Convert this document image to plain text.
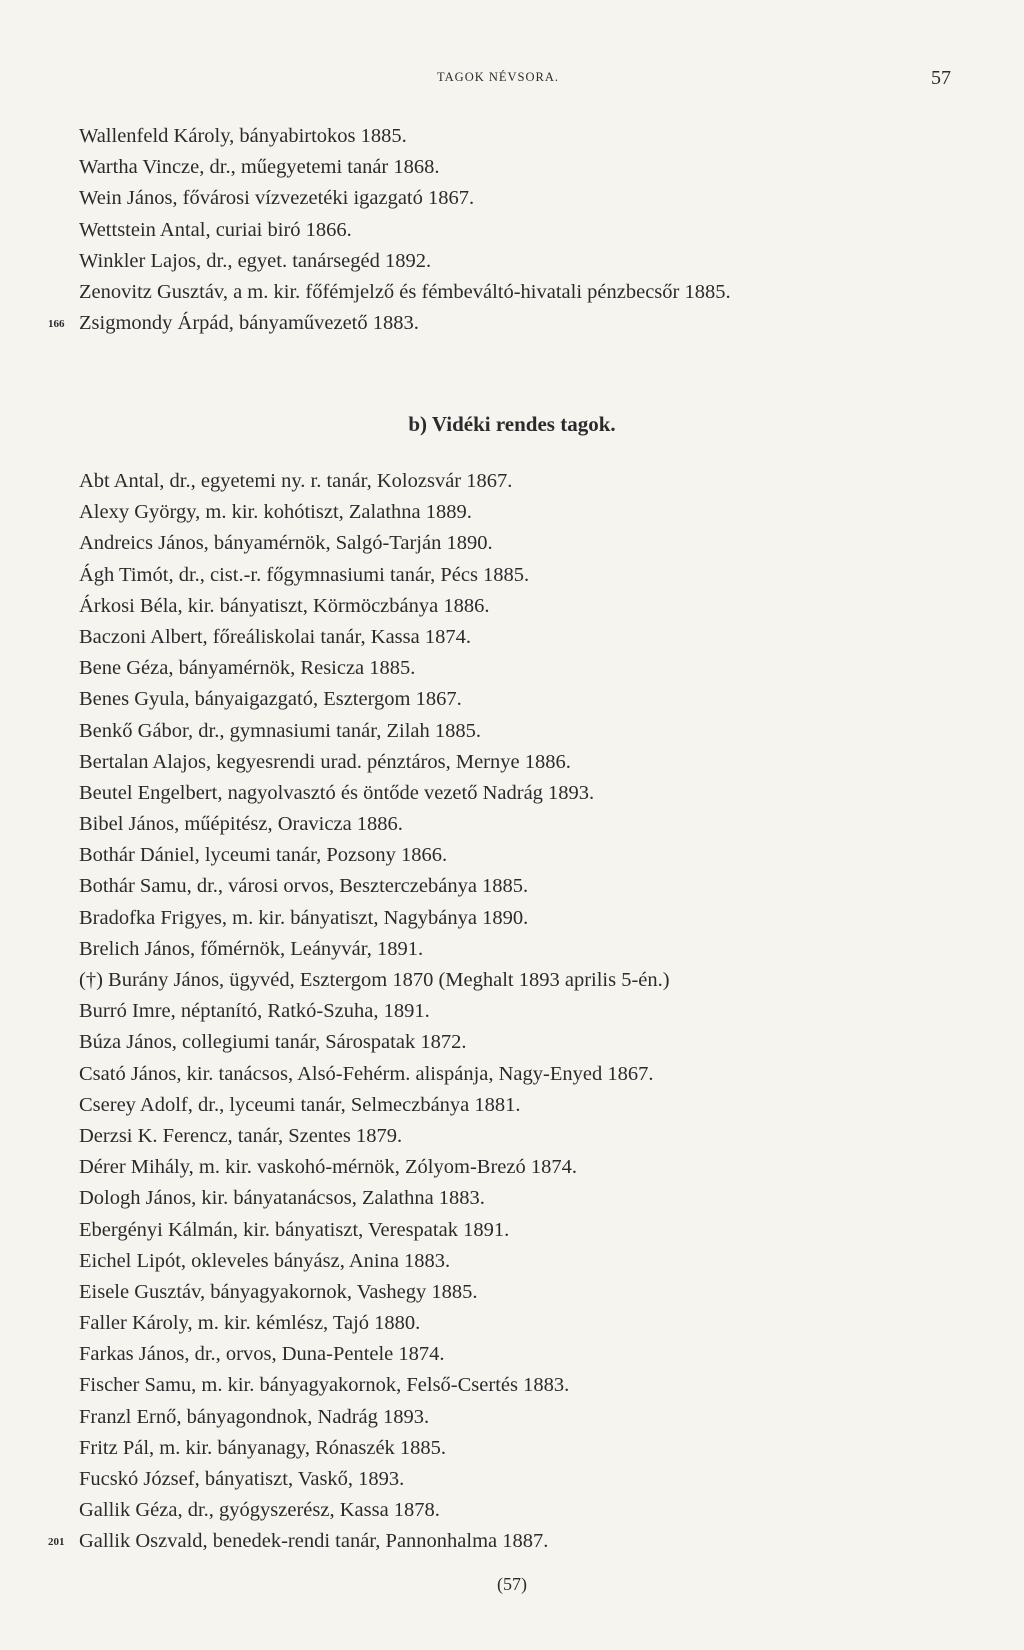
TAGOK NÉVSORA.	57
Wallenfeld Károly, bányabirtokos 1885.
Wartha Vincze, dr., műegyetemi tanár 1868.
Wein János, fővárosi vízvezetéki igazgató 1867.
Wettstein Antal, curiai biró 1866.
Winkler Lajos, dr., egyet. tanársegéd 1892.
Zenovitz Gusztáv, a m. kir. főfémjelző és fémbeváltó-hivatali pénzbecsőr 1885.
166 Zsigmondy Árpád, bányaművezető 1883.
b) Vidéki rendes tagok.
Abt Antal, dr., egyetemi ny. r. tanár, Kolozsvár 1867.
Alexy György, m. kir. kohótiszt, Zalathna 1889.
Andreics János, bányamérnök, Salgó-Tarján 1890.
Ágh Timót, dr., cist.-r. főgymnasiumi tanár, Pécs 1885.
Árkosi Béla, kir. bányatiszt, Körmöczbánya 1886.
Baczoni Albert, főreáliskolai tanár, Kassa 1874.
Bene Géza, bányamérnök, Resicza 1885.
Benes Gyula, bányaigazgató, Esztergom 1867.
Benkő Gábor, dr., gymnasiumi tanár, Zilah 1885.
Bertalan Alajos, kegyesrendi urad. pénztáros, Mernye 1886.
Beutel Engelbert, nagyolvasztó és öntőde vezető Nadrág 1893.
Bibel János, műépitész, Oravicza 1886.
Bothár Dániel, lyceumi tanár, Pozsony 1866.
Bothár Samu, dr., városi orvos, Beszterczebánya 1885.
Bradofka Frigyes, m. kir. bányatiszt, Nagybánya 1890.
Brelich János, főmérnök, Leányvár, 1891.
(†) Burány János, ügyvéd, Esztergom 1870 (Meghalt 1893 aprilis 5-én.)
Burró Imre, néptanító, Ratkó-Szuha, 1891.
Búza János, collegiumi tanár, Sárospatak 1872.
Csató János, kir. tanácsos, Alsó-Fehérm. alispánja, Nagy-Enyed 1867.
Cserey Adolf, dr., lyceumi tanár, Selmeczbánya 1881.
Derzsi K. Ferencz, tanár, Szentes 1879.
Dérer Mihály, m. kir. vaskohó-mérnök, Zólyom-Brezó 1874.
Dologh János, kir. bányatanácsos, Zalathna 1883.
Ebergényi Kálmán, kir. bányatiszt, Verespatak 1891.
Eichel Lipót, okleveles bányász, Anina 1883.
Eisele Gusztáv, bányagyakornok, Vashegy 1885.
Faller Károly, m. kir. kémlész, Tajó 1880.
Farkas János, dr., orvos, Duna-Pentele 1874.
Fischer Samu, m. kir. bányagyakornok, Felső-Csertés 1883.
Franzl Ernő, bányagondnok, Nadrág 1893.
Fritz Pál, m. kir. bányanagy, Rónaszék 1885.
Fucskó József, bányatiszt, Vaskő, 1893.
Gallik Géza, dr., gyógyszerész, Kassa 1878.
201 Gallik Oszvald, benedek-rendi tanár, Pannonhalma 1887.
(57)
